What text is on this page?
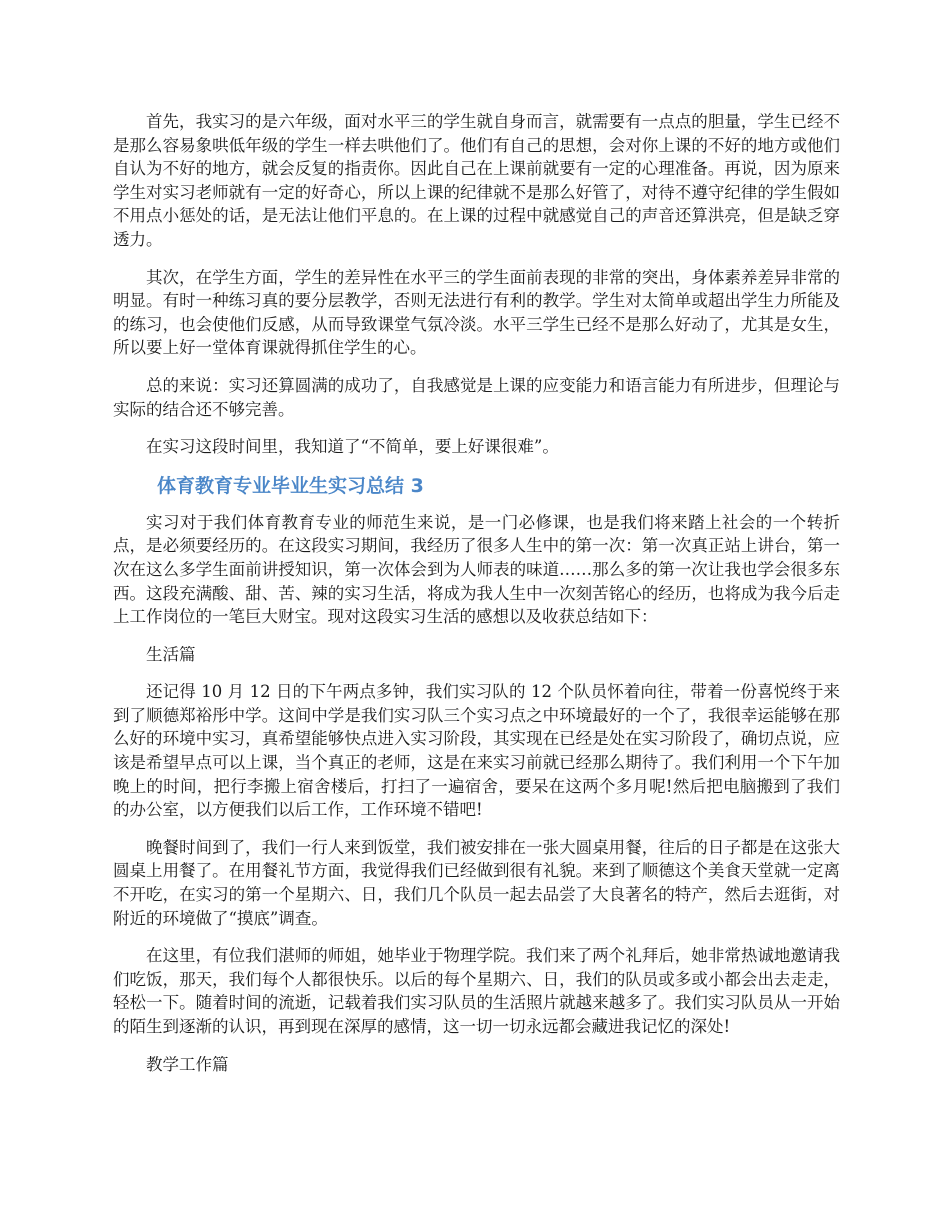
首先，我实习的是六年级，面对水平三的学生就自身而言，就需要有一点点的胆量，学生已经不是那么容易象哄低年级的学生一样去哄他们了。他们有自己的思想，会对你上课的不好的地方或他们自认为不好的地方，就会反复的指责你。因此自己在上课前就要有一定的心理准备。再说，因为原来学生对实习老师就有一定的好奇心，所以上课的纪律就不是那么好管了，对待不遵守纪律的学生假如不用点小惩处的话，是无法让他们平息的。在上课的过程中就感觉自己的声音还算洪亮，但是缺乏穿透力。

其次，在学生方面，学生的差异性在水平三的学生面前表现的非常的突出，身体素养差异非常的明显。有时一种练习真的要分层教学，否则无法进行有利的教学。学生对太简单或超出学生力所能及的练习，也会使他们反感，从而导致课堂气氛冷淡。水平三学生已经不是那么好动了，尤其是女生，所以要上好一堂体育课就得抓住学生的心。

总的来说：实习还算圆满的成功了，自我感觉是上课的应变能力和语言能力有所进步，但理论与实际的结合还不够完善。

在实习这段时间里，我知道了“不简单，要上好课很难”。

体育教育专业毕业生实习总结 3

实习对于我们体育教育专业的师范生来说，是一门必修课，也是我们将来踏上社会的一个转折点，是必须要经历的。在这段实习期间，我经历了很多人生中的第一次：第一次真正站上讲台，第一次在这么多学生面前讲授知识，第一次体会到为人师表的味道……那么多的第一次让我也学会很多东西。这段充满酸、甜、苦、辣的实习生活，将成为我人生中一次刻苦铭心的经历，也将成为我今后走上工作岗位的一笔巨大财宝。现对这段实习生活的感想以及收获总结如下：

生活篇

还记得 10 月 12 日的下午两点多钟，我们实习队的 12 个队员怀着向往，带着一份喜悦终于来到了顺德郑裕彤中学。这间中学是我们实习队三个实习点之中环境最好的一个了，我很幸运能够在那么好的环境中实习，真希望能够快点进入实习阶段，其实现在已经是处在实习阶段了，确切点说，应该是希望早点可以上课，当个真正的老师，这是在来实习前就已经那么期待了。我们利用一个下午加晚上的时间，把行李搬上宿舍楼后，打扫了一遍宿舍，要呆在这两个多月呢!然后把电脑搬到了我们的办公室，以方便我们以后工作，工作环境不错吧!

晚餐时间到了，我们一行人来到饭堂，我们被安排在一张大圆桌用餐，往后的日子都是在这张大圆桌上用餐了。在用餐礼节方面，我觉得我们已经做到很有礼貌。来到了顺德这个美食天堂就一定离不开吃，在实习的第一个星期六、日，我们几个队员一起去品尝了大良著名的特产，然后去逛街，对附近的环境做了“摸底”调查。

在这里，有位我们湛师的师姐，她毕业于物理学院。我们来了两个礼拜后，她非常热诚地邀请我们吃饭，那天，我们每个人都很快乐。以后的每个星期六、日，我们的队员或多或小都会出去走走，轻松一下。随着时间的流逝，记载着我们实习队员的生活照片就越来越多了。我们实习队员从一开始的陌生到逐渐的认识，再到现在深厚的感情，这一切一切永远都会藏进我记忆的深处!

教学工作篇
